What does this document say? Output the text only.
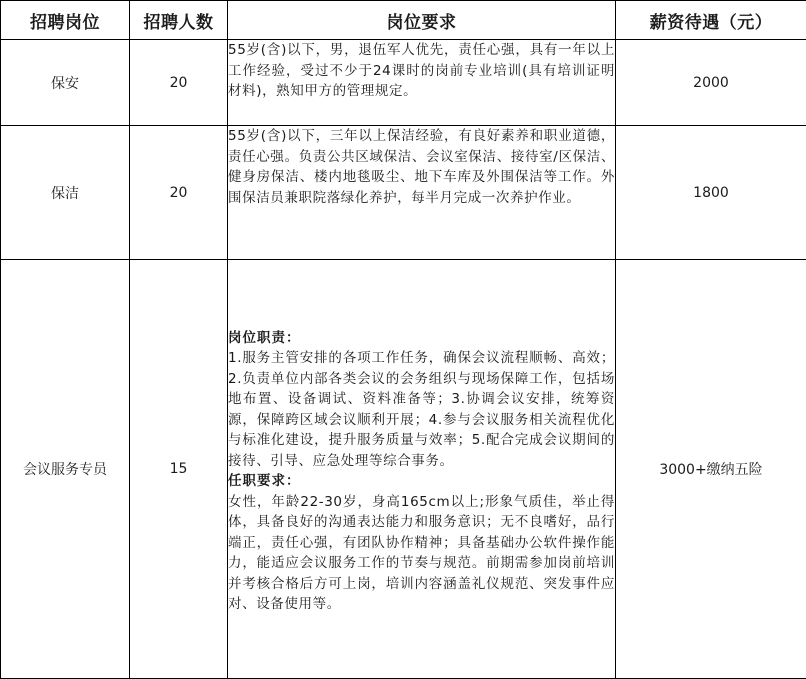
招聘岗位	招聘人数	岗位要求	薪资待遇（元）
保安	20	55岁(含)以下，男，退伍军人优先，责任心强，具有一年以上工作经验，受过不少于24课时的岗前专业培训(具有培训证明材料)，熟知甲方的管理规定。	2000
保洁	20	55岁(含)以下，三年以上保洁经验，有良好素养和职业道德，责任心强。负责公共区域保洁、会议室保洁、接待室/区保洁、健身房保洁、楼内地毯吸尘、地下车库及外围保洁等工作。外围保洁员兼职院落绿化养护，每半月完成一次养护作业。	1800
会议服务专员	15	岗位职责：
1.服务主管安排的各项工作任务，确保会议流程顺畅、高效；2.负责单位内部各类会议的会务组织与现场保障工作，包括场地布置、设备调试、资料准备等；3.协调会议安排，统筹资源，保障跨区域会议顺利开展；4.参与会议服务相关流程优化与标准化建设，提升服务质量与效率；5.配合完成会议期间的接待、引导、应急处理等综合事务。
任职要求：
女性，年龄22-30岁，身高165cm以上;形象气质佳，举止得体，具备良好的沟通表达能力和服务意识；无不良嗜好，品行端正，责任心强，有团队协作精神；具备基础办公软件操作能力，能适应会议服务工作的节奏与规范。前期需参加岗前培训并考核合格后方可上岗，培训内容涵盖礼仪规范、突发事件应对、设备使用等。	3000+缴纳五险
